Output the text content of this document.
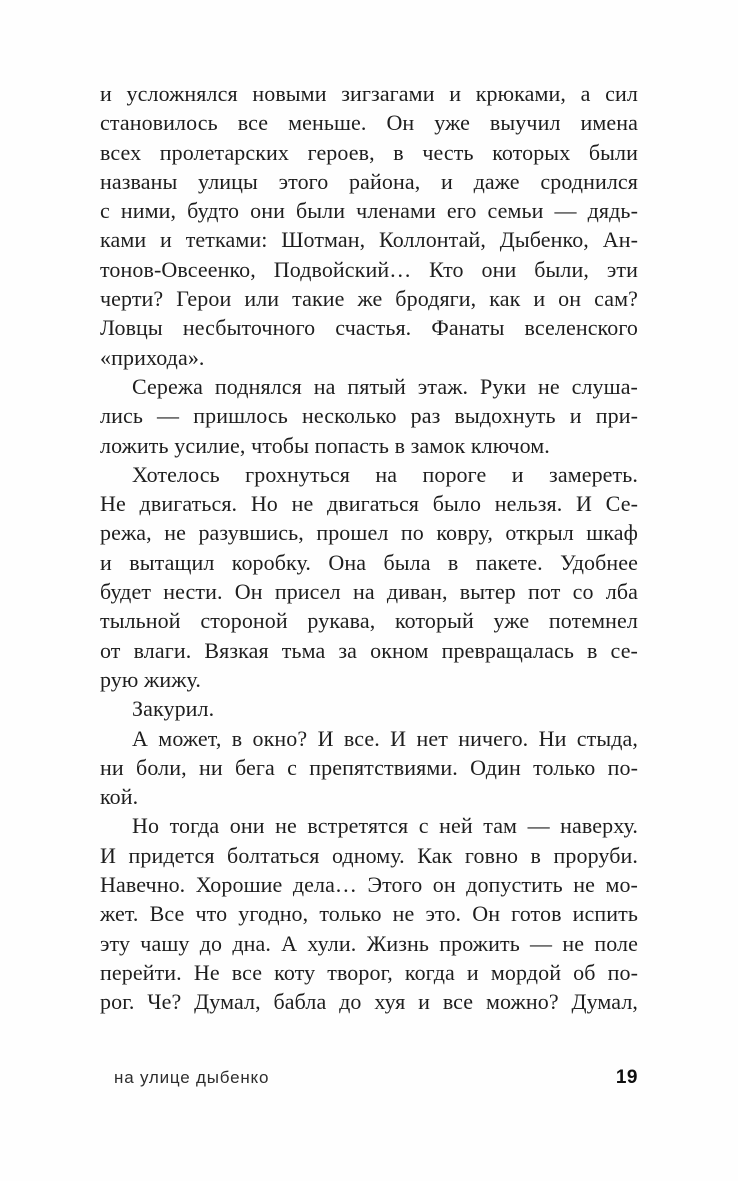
и усложнялся новыми зигзагами и крюками, а сил
становилось все меньше. Он уже выучил имена
всех пролетарских героев, в честь которых были
названы улицы этого района, и даже сроднился
с ними, будто они были членами его семьи — дядь-
ками и тетками: Шотман, Коллонтай, Дыбенко, Ан-
тонов-Овсеенко, Подвойский… Кто они были, эти
черти? Герои или такие же бродяги, как и он сам?
Ловцы несбыточного счастья. Фанаты вселенского
«прихода».

Сережа поднялся на пятый этаж. Руки не слуша-
лись — пришлось несколько раз выдохнуть и при-
ложить усилие, чтобы попасть в замок ключом.

Хотелось грохнуться на пороге и замереть.
Не двигаться. Но не двигаться было нельзя. И Се-
режа, не разувшись, прошел по ковру, открыл шкаф
и вытащил коробку. Она была в пакете. Удобнее
будет нести. Он присел на диван, вытер пот со лба
тыльной стороной рукава, который уже потемнел
от влаги. Вязкая тьма за окном превращалась в се-
рую жижу.

Закурил.

А может, в окно? И все. И нет ничего. Ни стыда,
ни боли, ни бега с препятствиями. Один только по-
кой.

Но тогда они не встретятся с ней там — наверху.
И придется болтаться одному. Как говно в проруби.
Навечно. Хорошие дела… Этого он допустить не мо-
жет. Все что угодно, только не это. Он готов испить
эту чашу до дна. А хули. Жизнь прожить — не поле
перейти. Не все коту творог, когда и мордой об по-
рог. Че? Думал, бабла до хуя и все можно? Думал,

на улице дыбенко	19
